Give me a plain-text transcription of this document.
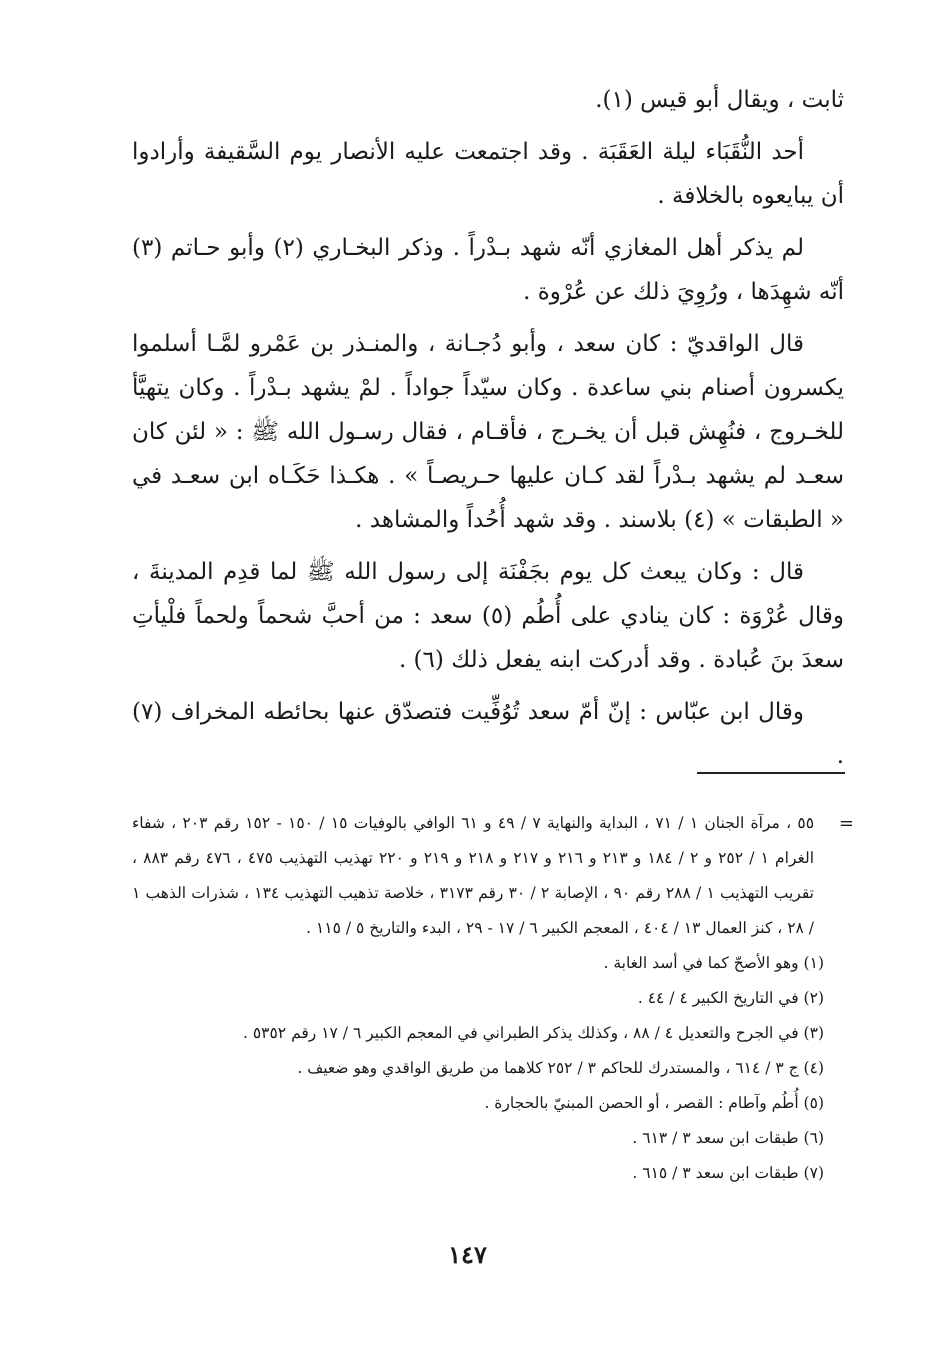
ثابت ، ويقال أبو قيس (١).

أحد النُّقَبَاء ليلة العَقَبَة . وقد اجتمعت عليه الأنصار يوم السَّقيفة وأرادوا أن يبايعوه بالخلافة .

لم يذكر أهل المغازي أنّه شهد بـدْراً . وذكر البخـاري (٢) وأبو حـاتم (٣) أنّه شهِدَها ، ورُوِيَ ذلك عن عُرْوة .

قال الواقديّ : كان سعد ، وأبو دُجـانة ، والمنـذر بن عَمْرو لمَّـا أسلموا يكسرون أصنام بني ساعدة . وكان سيّداً جواداً . لمْ يشهد بـدْراً . وكان يتهيَّأ للخـروج ، فنُهِش قبل أن يخـرج ، فأقـام ، فقال رسـول الله ﷺ : « لئن كان سعـد لم يشهد بـدْراً لقد كـان عليها حـريصـاً » . هكـذا حَكَـاه ابن سعـد في « الطبقات » (٤) بلاسند . وقد شهد أُحُداً والمشاهد .

قال : وكان يبعث كل يوم بجَفْنَة إلى رسول الله ﷺ لما قدِم المدينةَ ، وقال عُرْوَة : كان ينادي على أُطُم (٥) سعد : من أحبَّ شحماً ولحماً فلْيأتِ سعدَ بنَ عُبادة . وقد أدركت ابنه يفعل ذلك (٦) .

وقال ابن عبّاس : إنّ أمّ سعد تُوُفِّيت فتصدّق عنها بحائطه المخراف (٧) .

=
٥٥ ، مرآة الجنان ١ / ٧١ ، البداية والنهاية ٧ / ٤٩ و ٦١ الوافي بالوفيات ١٥ / ١٥٠ - ١٥٢ رقم ٢٠٣ ، شفاء الغرام ١ / ٢٥٢ و ٢ / ١٨٤ و ٢١٣ و ٢١٦ و ٢١٧ و ٢١٨ و ٢١٩ و ٢٢٠ تهذيب التهذيب ٤٧٥ ، ٤٧٦ رقم ٨٨٣ ، تقريب التهذيب ١ / ٢٨٨ رقم ٩٠ ، الإصابة ٢ / ٣٠ رقم ٣١٧٣ ، خلاصة تذهيب التهذيب ١٣٤ ، شذرات الذهب ١ / ٢٨ ، كنز العمال ١٣ / ٤٠٤ ، المعجم الكبير ٦ / ١٧ - ٢٩ ، البدء والتاريخ ٥ / ١١٥ .

(١) وهو الأصحّ كما في أسد الغابة .

(٢) في التاريخ الكبير ٤ / ٤٤ .

(٣) في الجرح والتعديل ٤ / ٨٨ ، وكذلك يذكر الطبراني في المعجم الكبير ٦ / ١٧ رقم ٥٣٥٢ .

(٤) ج ٣ / ٦١٤ ، والمستدرك للحاكم ٣ / ٢٥٢ كلاهما من طريق الواقدي وهو ضعيف .

(٥) أُطُم وآطام : القصر ، أو الحصن المبنيّ بالحجارة .

(٦) طبقات ابن سعد ٣ / ٦١٣ .

(٧) طبقات ابن سعد ٣ / ٦١٥ .

١٤٧
